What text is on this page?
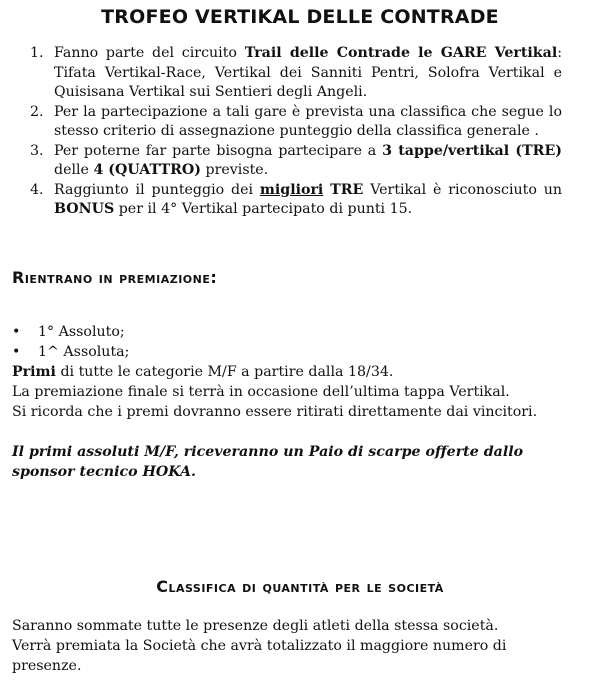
TROFEO VERTIKAL DELLE CONTRADE
1. Fanno parte del circuito Trail delle Contrade le GARE Vertikal: Tifata Vertikal-Race, Vertikal dei Sanniti Pentri, Solofra Vertikal e Quisisana Vertikal sui Sentieri degli Angeli.
2. Per la partecipazione a tali gare è prevista una classifica che segue lo stesso criterio di assegnazione punteggio della classifica generale .
3. Per poterne far parte bisogna partecipare a 3 tappe/vertikal (TRE) delle 4 (QUATTRO) previste.
4. Raggiunto il punteggio dei migliori TRE Vertikal è riconosciuto un BONUS per il 4° Vertikal partecipato di punti 15.
Rientrano in premiazione:
• 1° Assoluto;
• 1^ Assoluta;
Primi di tutte le categorie M/F a partire dalla 18/34.
La premiazione finale si terrà in occasione dell’ultima tappa Vertikal.
Si ricorda che i premi dovranno essere ritirati direttamente dai vincitori.
Il primi assoluti M/F, riceveranno un Paio di scarpe offerte dallo sponsor tecnico HOKA.
Classifica di quantità per le società
Saranno sommate tutte le presenze degli atleti della stessa società.
Verrà premiata la Società che avrà totalizzato il maggiore numero di presenze.
